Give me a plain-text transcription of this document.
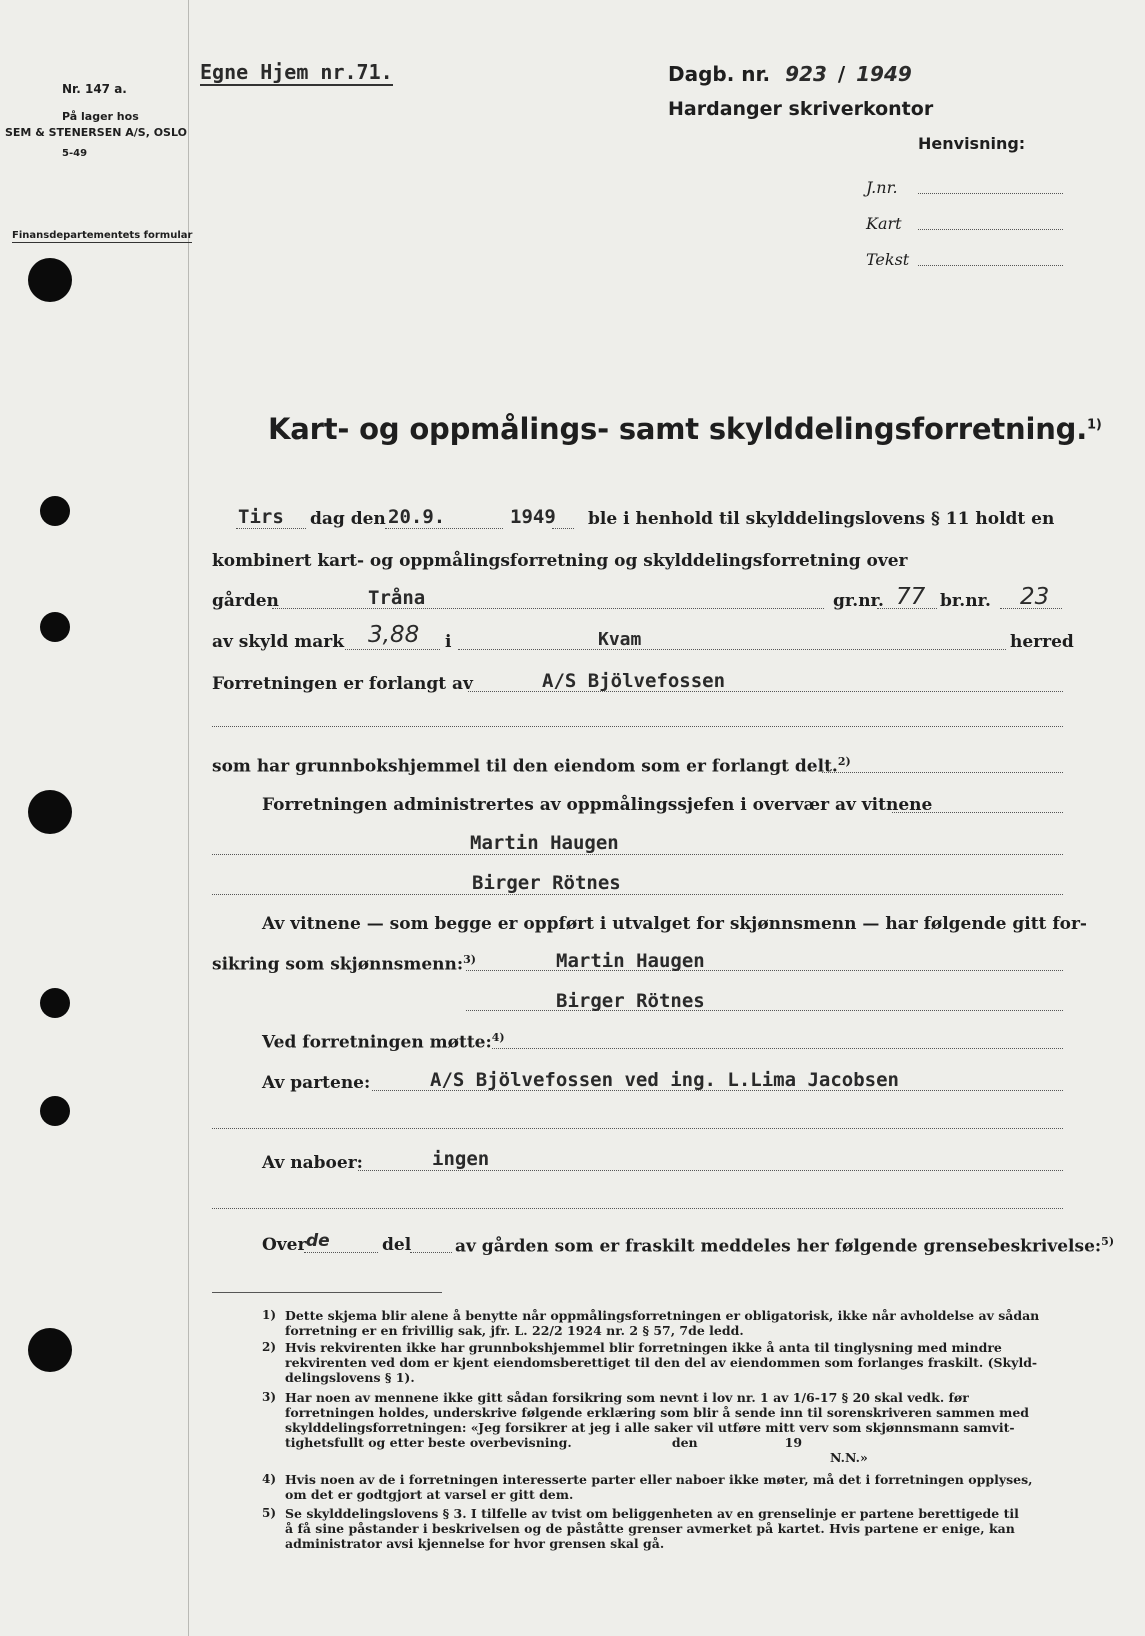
Nr. 147 a.
På lager hos
SEM & STENERSEN A/S, OSLO
5-49
Finansdepartementets formular
Egne Hjem nr.71.	Dagb. nr. 923 / 1949
Hardanger skriverkontor
Henvisning:
J.nr.
Kart
Tekst
Kart- og oppmålings- samt skylddelingsforretning.$^{1)}$
Tirs dag den 20.9.	1949 ble i henhold til skylddelingslovens § 11 holdt en
kombinert kart- og oppmålingsforretning og skylddelingsforretning over
gården	Tråna	gr.nr. 77 br.nr. 23
av skyld mark 3,88 i	Kvam	herred
Forretningen er forlangt av	A/S Bjölvefossen
som har grunnbokshjemmel til den eiendom som er forlangt delt.$^{2)}$
Forretningen administrertes av oppmålingssjefen i overvær av vitnene
Martin Haugen
Birger Rötnes
Av vitnene — som begge er oppført i utvalget for skjønnsmenn — har følgende gitt for-
sikring som skjønnsmenn:$^{3)}$	Martin Haugen
Birger Rötnes
Ved forretningen møtte:$^{4)}$
Av partene:	A/S Bjölvefossen ved ing. L.Lima Jacobsen
Av naboer:	ingen
Over de	del	av gården som er fraskilt meddeles her følgende grensebeskrivelse:$^{5)}$
1) Dette skjema blir alene å benytte når oppmålingsforretningen er obligatorisk, ikke når avholdelse av sådan
forretning er en frivillig sak, jfr. L. 22/2 1924 nr. 2 § 57, 7de ledd.
2) Hvis rekvirenten ikke har grunnbokshjemmel blir forretningen ikke å anta til tinglysning med mindre
rekvirenten ved dom er kjent eiendomsberettiget til den del av eiendommen som forlanges fraskilt. (Skyld-
delingslovens § 1).
3) Har noen av mennene ikke gitt sådan forsikring som nevnt i lov nr. 1 av 1/6-17 § 20 skal vedk. før
forretningen holdes, underskrive følgende erklæring som blir å sende inn til sorenskriveren sammen med
skylddelingsforretningen: «Jeg forsikrer at jeg i alle saker vil utføre mitt verv som skjønnsmann samvit-
tighetsfullt og etter beste overbevisning.                       den                    19
N.N.»
4) Hvis noen av de i forretningen interesserte parter eller naboer ikke møter, må det i forretningen opplyses,
om det er godtgjort at varsel er gitt dem.
5) Se skylddelingslovens § 3. I tilfelle av tvist om beliggenheten av en grenselinje er partene berettigede til
å få sine påstander i beskrivelsen og de påståtte grenser avmerket på kartet. Hvis partene er enige, kan
administrator avsi kjennelse for hvor grensen skal gå.
